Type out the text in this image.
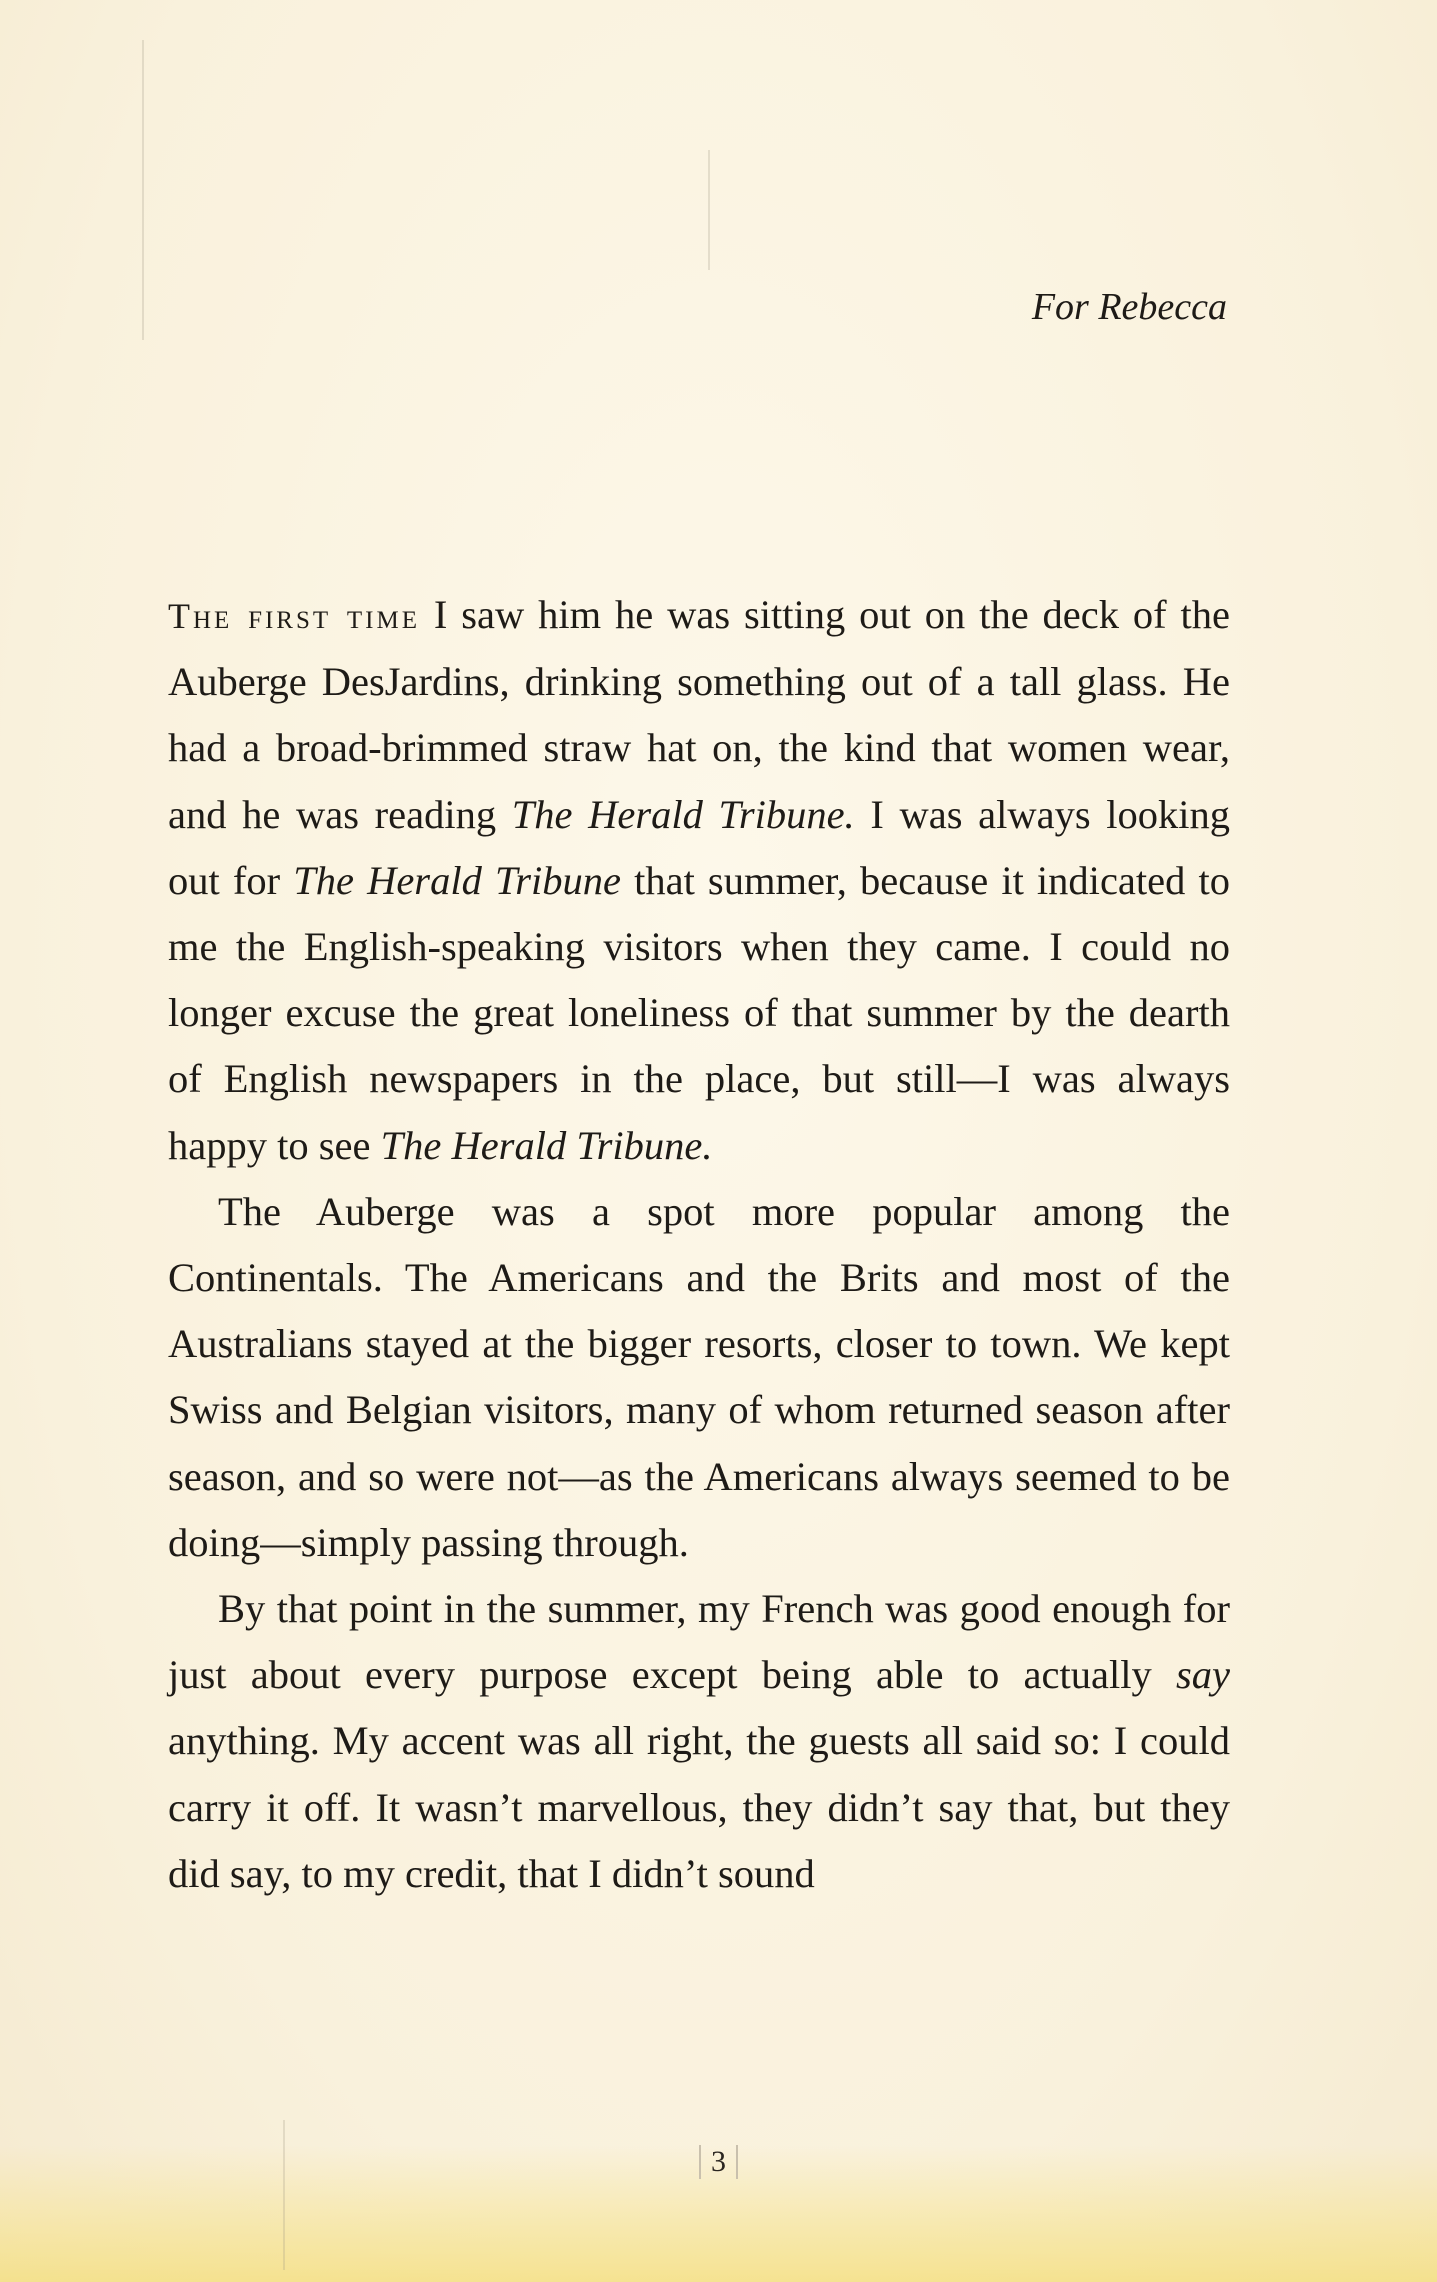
For Rebecca

The first time I saw him he was sitting out on the deck of the Auberge DesJardins, drinking something out of a tall glass. He had a broad-brimmed straw hat on, the kind that women wear, and he was reading The Herald Tribune. I was always looking out for The Herald Tribune that summer, because it indicated to me the English-speaking visitors when they came. I could no longer excuse the great loneliness of that summer by the dearth of English newspapers in the place, but still—I was always happy to see The Herald Tribune.

The Auberge was a spot more popular among the Continentals. The Americans and the Brits and most of the Australians stayed at the bigger resorts, closer to town. We kept Swiss and Belgian visitors, many of whom returned season after season, and so were not—as the Americans always seemed to be doing—simply passing through.

By that point in the summer, my French was good enough for just about every purpose except being able to actually say anything. My accent was all right, the guests all said so: I could carry it off. It wasn’t marvellous, they didn’t say that, but they did say, to my credit, that I didn’t sound

3
